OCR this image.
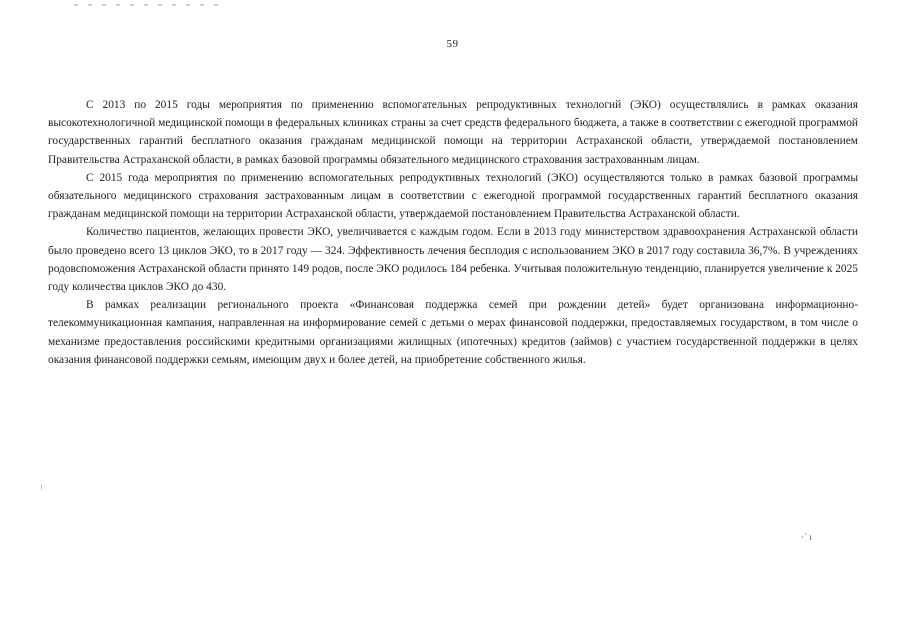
59

С 2013 по 2015 годы мероприятия по применению вспомогательных репродуктивных технологий (ЭКО) осуществлялись в рамках оказания высокотехнологичной медицинской помощи в федеральных клиниках страны за счет средств федерального бюджета, а также в соответствии с ежегодной программой государственных гарантий бесплатного оказания гражданам медицинской помощи на территории Астраханской области, утверждаемой постановлением Правительства Астраханской области, в рамках базовой программы обязательного медицинского страхования застрахованным лицам.

С 2015 года мероприятия по применению вспомогательных репродуктивных технологий (ЭКО) осуществляются только в рамках базовой программы обязательного медицинского страхования застрахованным лицам в соответствии с ежегодной программой государственных гарантий бесплатного оказания гражданам медицинской помощи на территории Астраханской области, утверждаемой постановлением Правительства Астраханской области.

Количество пациентов, желающих провести ЭКО, увеличивается с каждым годом. Если в 2013 году министерством здравоохранения Астраханской области было проведено всего 13 циклов ЭКО, то в 2017 году — 324. Эффективность лечения бесплодия с использованием ЭКО в 2017 году составила 36,7%. В учреждениях родовспоможения Астраханской области принято 149 родов, после ЭКО родилось 184 ребенка. Учитывая положительную тенденцию, планируется увеличение к 2025 году количества циклов ЭКО до 430.

В рамках реализации регионального проекта «Финансовая поддержка семей при рождении детей» будет организована информационно-телекоммуникационная кампания, направленная на информирование семей с детьми о мерах финансовой поддержки, предоставляемых государством, в том числе о механизме предоставления российскими кредитными организациями жилищных (ипотечных) кредитов (займов) с участием государственной поддержки в целях оказания финансовой поддержки семьям, имеющим двух и более детей, на приобретение собственного жилья.

·´ ı
